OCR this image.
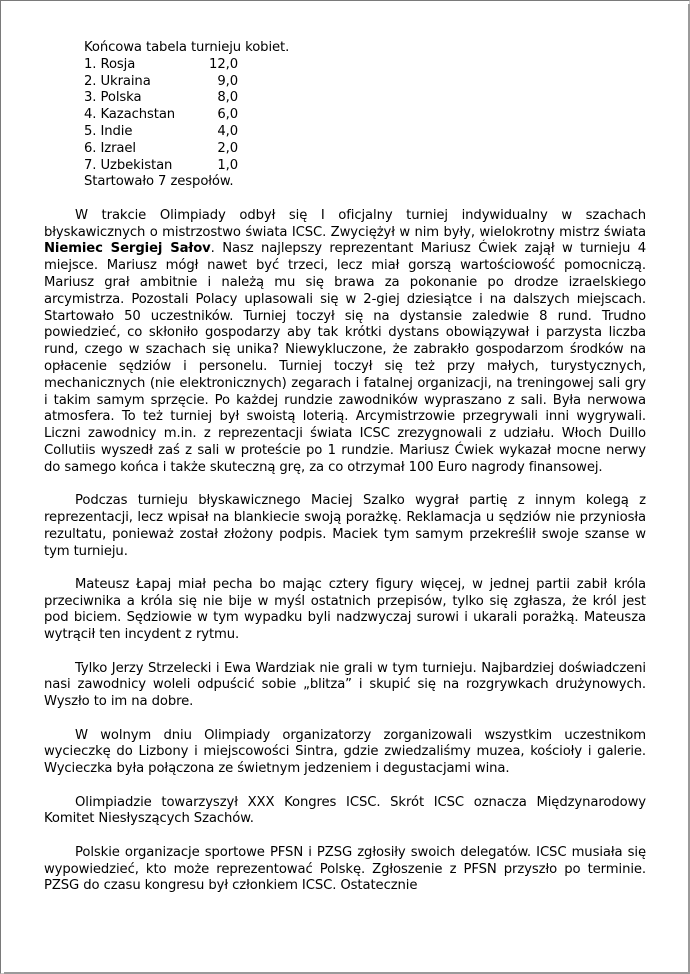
Końcowa tabela turnieju kobiet.
1. Rosja	12,0
2. Ukraina	9,0
3. Polska	8,0
4. Kazachstan	6,0
5. Indie	4,0
6. Izrael	2,0
7. Uzbekistan	1,0
Startowało 7 zespołów.

W trakcie Olimpiady odbył się I oficjalny turniej indywidualny w szachach błyskawicznych o mistrzostwo świata ICSC. Zwyciężył w nim były, wielokrotny mistrz świata Niemiec Sergiej Sałov. Nasz najlepszy reprezentant Mariusz Ćwiek zajął w turnieju 4 miejsce. Mariusz mógł nawet być trzeci, lecz miał gorszą wartościowość pomocniczą. Mariusz grał ambitnie i należą mu się brawa za pokonanie po drodze izraelskiego arcymistrza. Pozostali Polacy uplasowali się w 2-giej dziesiątce i na dalszych miejscach. Startowało 50 uczestników. Turniej toczył się na dystansie zaledwie 8 rund. Trudno powiedzieć, co skłoniło gospodarzy aby tak krótki dystans obowiązywał i parzysta liczba rund, czego w szachach się unika? Niewykluczone, że zabrakło gospodarzom środków na opłacenie sędziów i personelu. Turniej toczył się też przy małych, turystycznych, mechanicznych (nie elektronicznych) zegarach i fatalnej organizacji, na treningowej sali gry i takim samym sprzęcie. Po każdej rundzie zawodników wypraszano z sali. Była nerwowa atmosfera. To też turniej był swoistą loterią. Arcymistrzowie przegrywali inni wygrywali. Liczni zawodnicy m.in. z reprezentacji świata ICSC zrezygnowali z udziału. Włoch Duillo Collutiis wyszedł zaś z sali w proteście po 1 rundzie. Mariusz Ćwiek wykazał mocne nerwy do samego końca i także skuteczną grę, za co otrzymał 100 Euro nagrody finansowej.

Podczas turnieju błyskawicznego Maciej Szalko wygrał partię z innym kolegą z reprezentacji, lecz wpisał na blankiecie swoją porażkę. Reklamacja u sędziów nie przyniosła rezultatu, ponieważ został złożony podpis. Maciek tym samym przekreślił swoje szanse w tym turnieju.

Mateusz Łapaj miał pecha bo mając cztery figury więcej, w jednej partii zabił króla przeciwnika a króla się nie bije w myśl ostatnich przepisów, tylko się zgłasza, że król jest pod biciem. Sędziowie w tym wypadku byli nadzwyczaj surowi i ukarali porażką. Mateusza wytrącił ten incydent z rytmu.

Tylko Jerzy Strzelecki i Ewa Wardziak nie grali w tym turnieju. Najbardziej doświadczeni nasi zawodnicy woleli odpuścić sobie „blitza” i skupić się na rozgrywkach drużynowych. Wyszło to im na dobre.

W wolnym dniu Olimpiady organizatorzy zorganizowali wszystkim uczestnikom wycieczkę do Lizbony i miejscowości Sintra, gdzie zwiedzaliśmy muzea, kościoły i galerie. Wycieczka była połączona ze świetnym jedzeniem i degustacjami wina.

Olimpiadzie towarzyszył XXX Kongres ICSC. Skrót ICSC oznacza Międzynarodowy Komitet Niesłyszących Szachów.

Polskie organizacje sportowe PFSN i PZSG zgłosiły swoich delegatów. ICSC musiała się wypowiedzieć, kto może reprezentować Polskę. Zgłoszenie z PFSN przyszło po terminie. PZSG do czasu kongresu był członkiem ICSC. Ostatecznie
